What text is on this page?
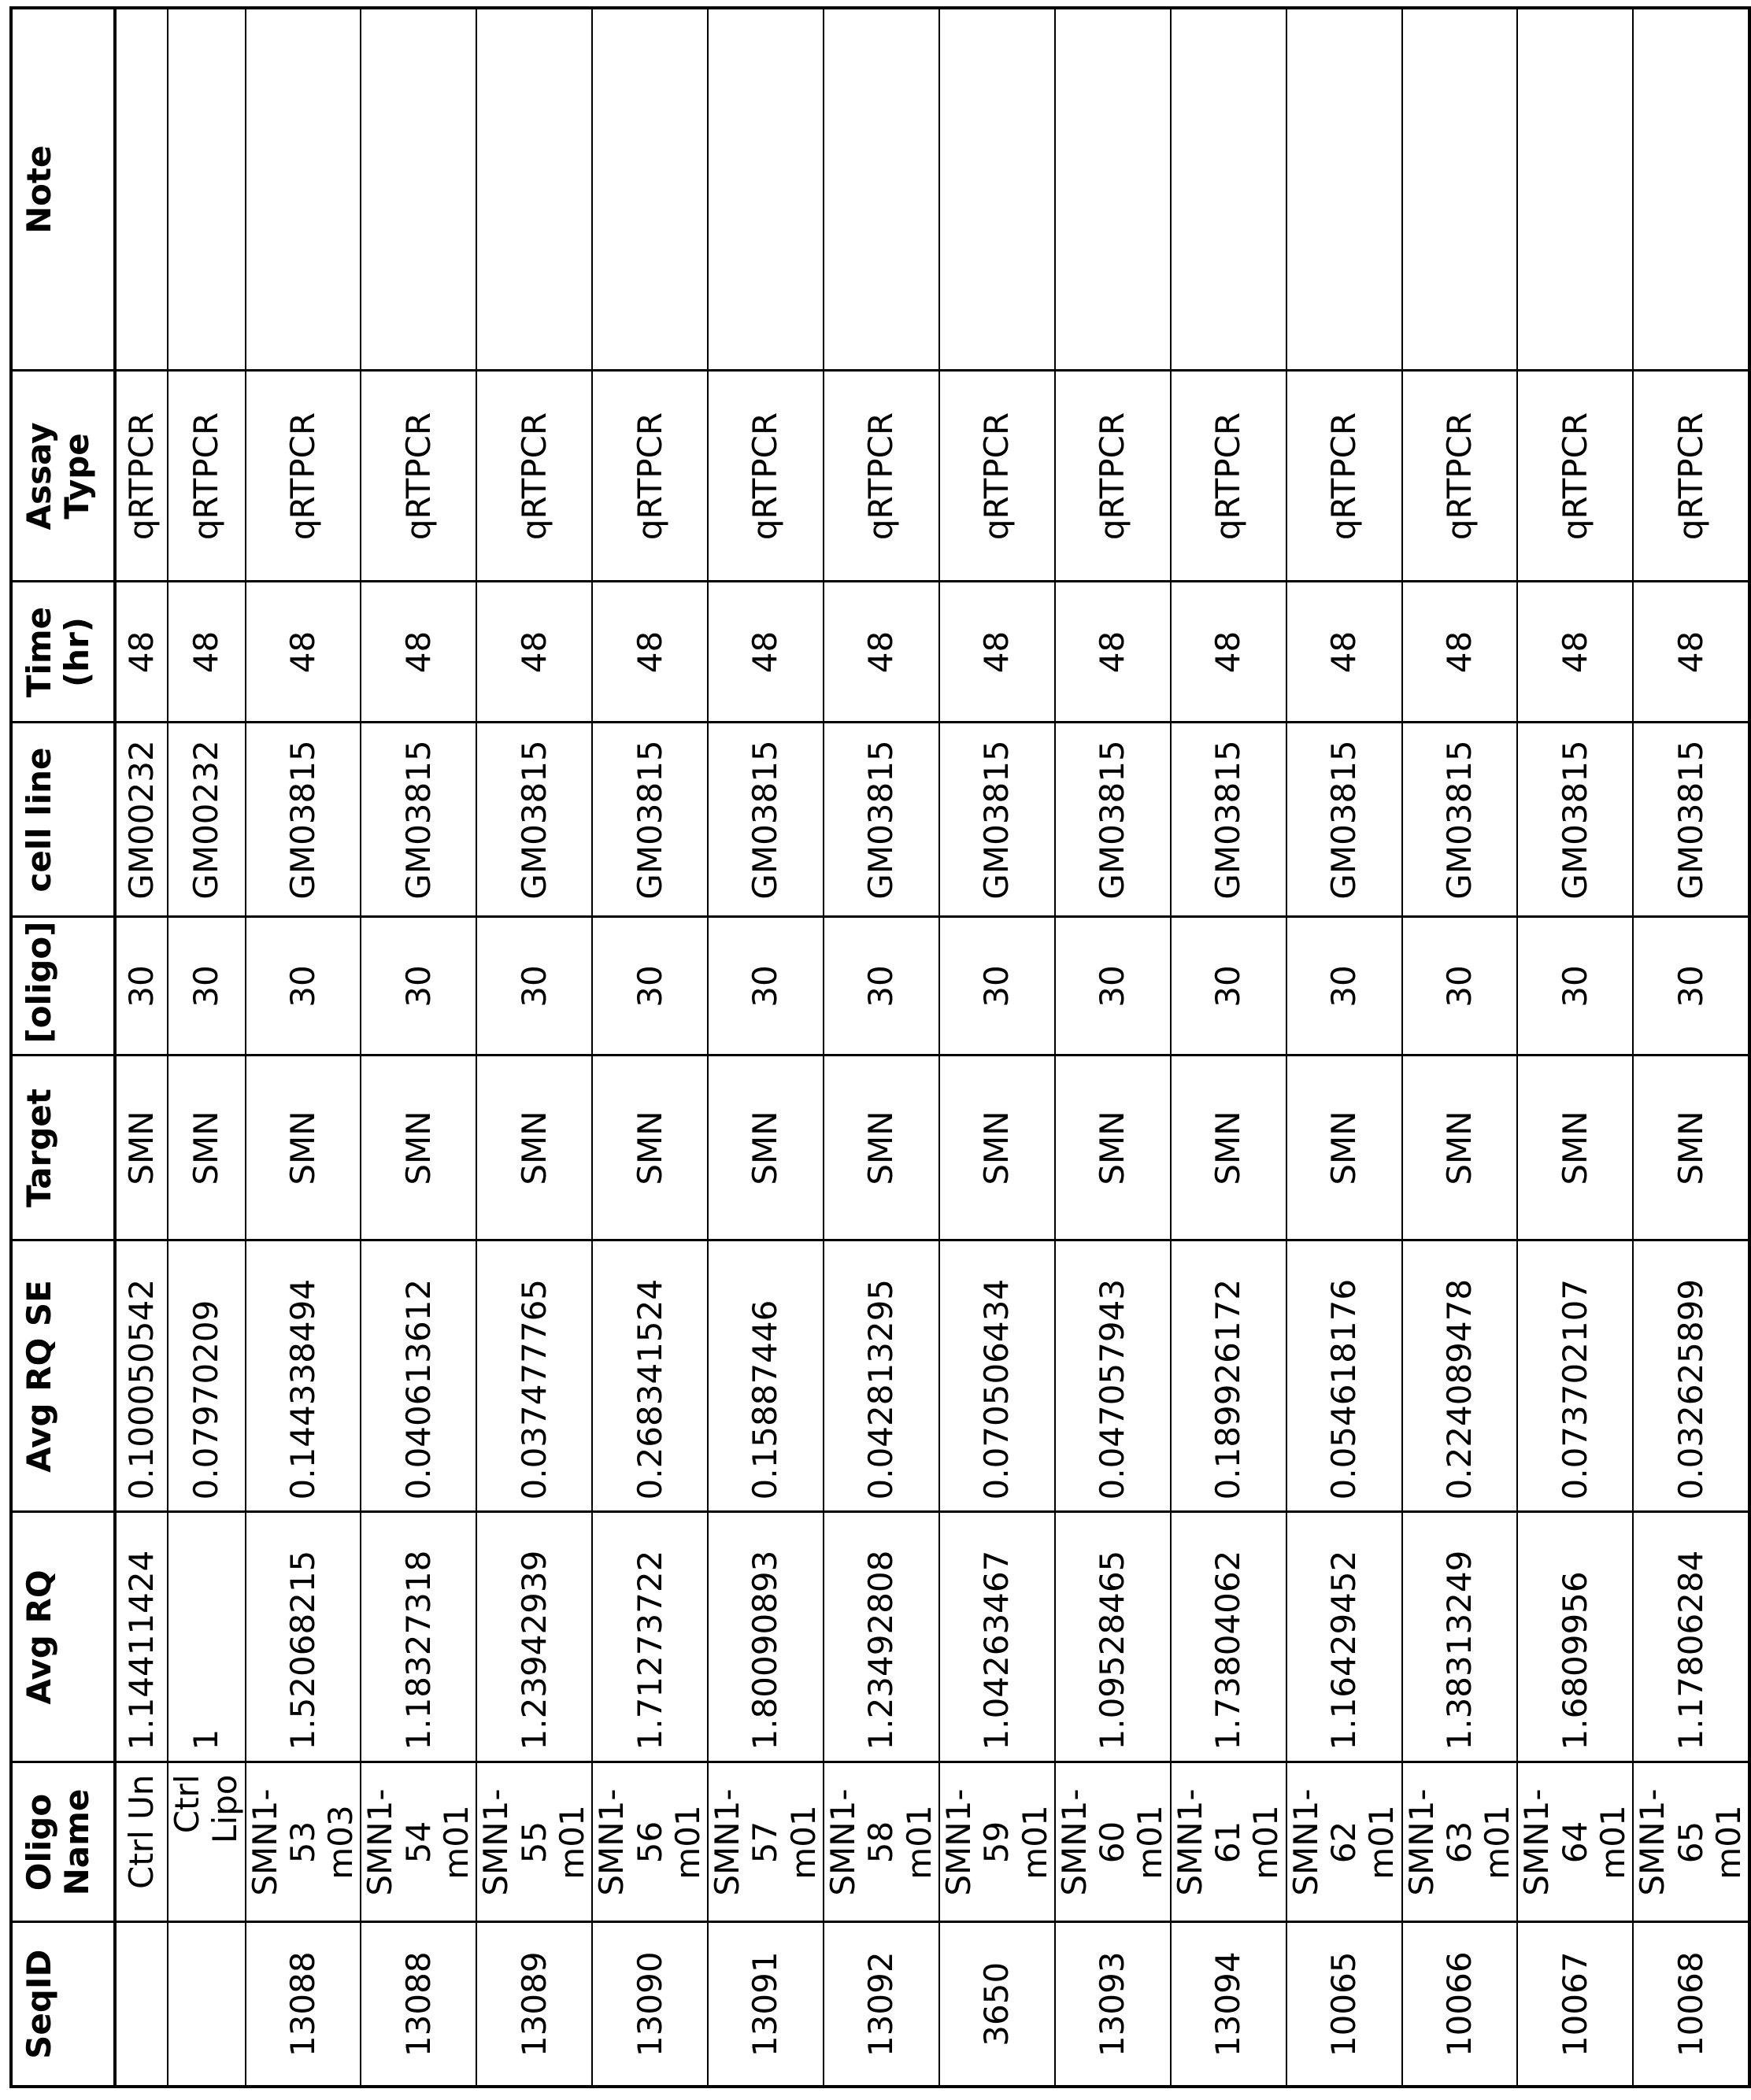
SeqID	Oligo
Name	Avg RQ	Avg RQ SE	Target	[oligo]	cell line	Time
(hr)	Assay
Type	Note
	Ctrl Un	1.14411424	0.100050542	SMN	30	GM00232	48	qRTPCR	
	Ctrl Lipo	1	0.07970209	SMN	30	GM00232	48	qRTPCR	
13088	SMN1-53
m03	1.52068215	0.144338494	SMN	30	GM03815	48	qRTPCR	
13088	SMN1-54
m01	1.18327318	0.040613612	SMN	30	GM03815	48	qRTPCR	
13089	SMN1-55
m01	1.23942939	0.037477765	SMN	30	GM03815	48	qRTPCR	
13090	SMN1-56
m01	1.71273722	0.268341524	SMN	30	GM03815	48	qRTPCR	
13091	SMN1-57
m01	1.80090893	0.15887446	SMN	30	GM03815	48	qRTPCR	
13092	SMN1-58
m01	1.23492808	0.042813295	SMN	30	GM03815	48	qRTPCR	
3650	SMN1-59
m01	1.04263467	0.070506434	SMN	30	GM03815	48	qRTPCR	
13093	SMN1-60
m01	1.09528465	0.047057943	SMN	30	GM03815	48	qRTPCR	
13094	SMN1-61
m01	1.73804062	0.189926172	SMN	30	GM03815	48	qRTPCR	
10065	SMN1-62
m01	1.16429452	0.054618176	SMN	30	GM03815	48	qRTPCR	
10066	SMN1-63
m01	1.38313249	0.224089478	SMN	30	GM03815	48	qRTPCR	
10067	SMN1-64
m01	1.6809956	0.073702107	SMN	30	GM03815	48	qRTPCR	
10068	SMN1-65
m01	1.17806284	0.032625899	SMN	30	GM03815	48	qRTPCR	
